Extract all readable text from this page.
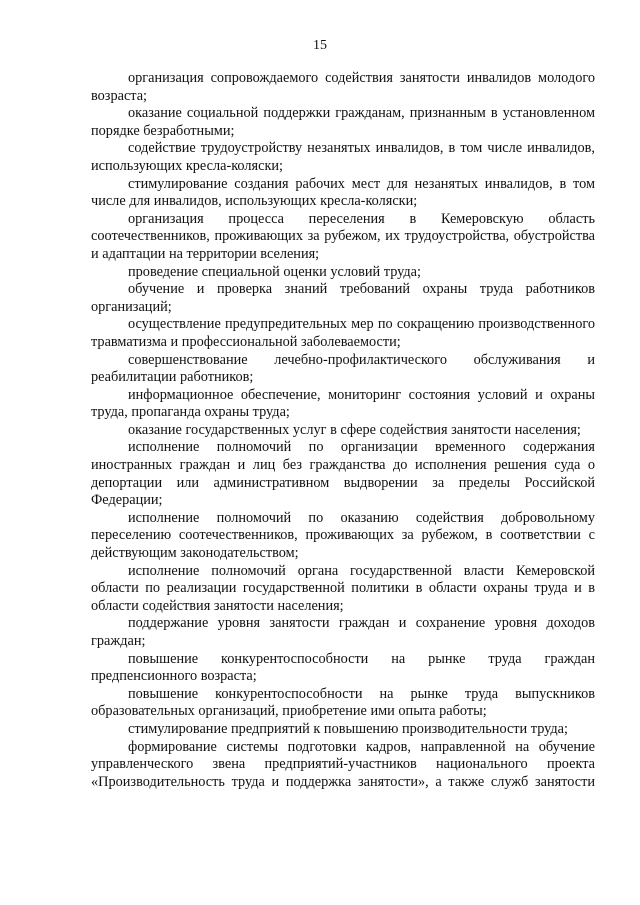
15

организация сопровождаемого содействия занятости инвалидов молодого возраста;

оказание социальной поддержки гражданам, признанным в установленном порядке безработными;

содействие трудоустройству незанятых инвалидов, в том числе инвалидов, использующих кресла-коляски;

стимулирование создания рабочих мест для незанятых инвалидов, в том числе для инвалидов, использующих кресла-коляски;

организация процесса переселения в Кемеровскую область соотечественников, проживающих за рубежом, их трудоустройства, обустройства и адаптации на территории вселения;

проведение специальной оценки условий труда;

обучение и проверка знаний требований охраны труда работников организаций;

осуществление предупредительных мер по сокращению производственного травматизма и профессиональной заболеваемости;

совершенствование лечебно-профилактического обслуживания и реабилитации работников;

информационное обеспечение, мониторинг состояния условий и охраны труда, пропаганда охраны труда;

оказание государственных услуг в сфере содействия занятости населения;

исполнение полномочий по организации временного содержания иностранных граждан и лиц без гражданства до исполнения решения суда о депортации или административном выдворении за пределы Российской Федерации;

исполнение полномочий по оказанию содействия добровольному переселению соотечественников, проживающих за рубежом, в соответствии с действующим законодательством;

исполнение полномочий органа государственной власти Кемеровской области по реализации государственной политики в области охраны труда и в области содействия занятости населения;

поддержание уровня занятости граждан и сохранение уровня доходов граждан;

повышение конкурентоспособности на рынке труда граждан предпенсионного возраста;

повышение конкурентоспособности на рынке труда выпускников образовательных организаций, приобретение ими опыта работы;

стимулирование предприятий к повышению производительности труда;

формирование системы подготовки кадров, направленной на обучение управленческого звена предприятий-участников национального проекта «Производительность труда и поддержка занятости», а также служб занятости
